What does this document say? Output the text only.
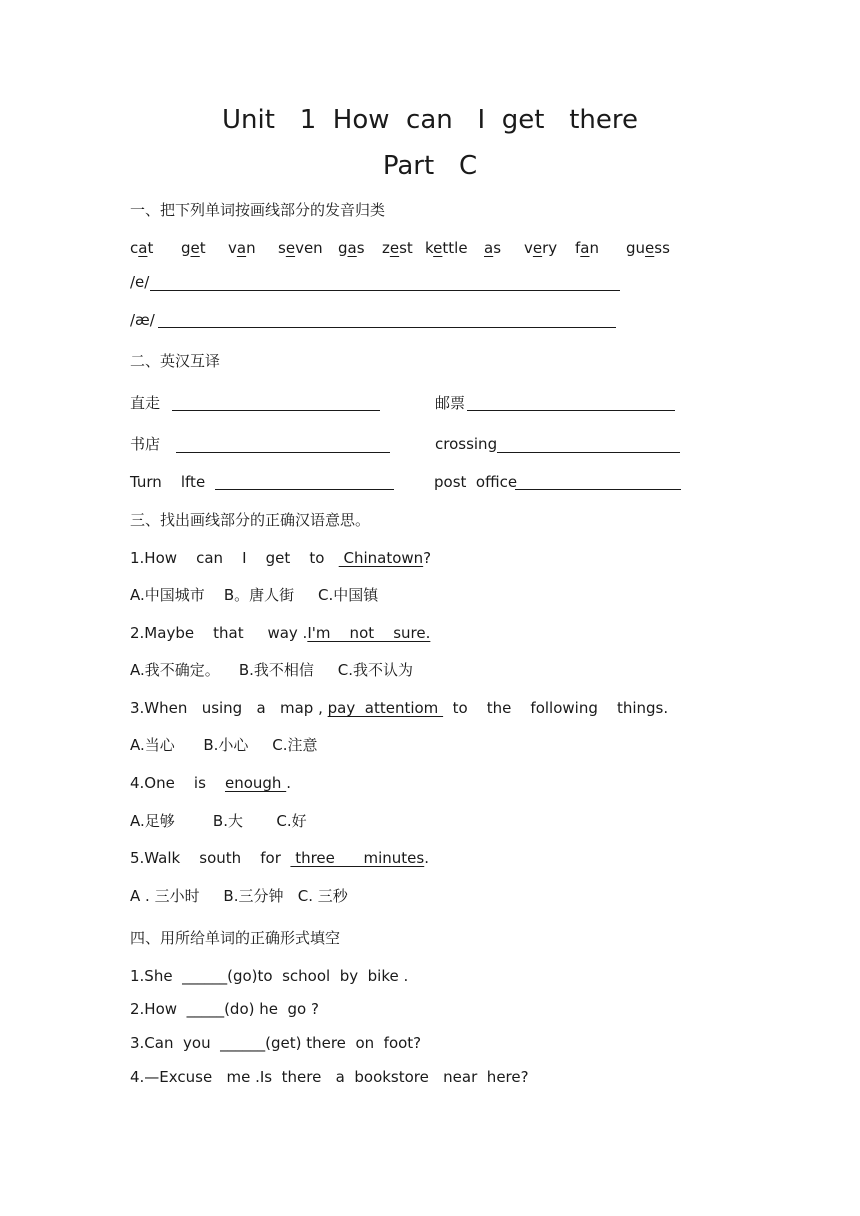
Unit   1  How  can   I  get   there
Part   C
一、把下列单词按画线部分的发音归类
cat get van seven gas zest kettle as very fan guess
/e/
/æ/
二、英汉互译
直走	邮票
书店	crossing
Turn    lfte	post  office
三、找出画线部分的正确汉语意思。
1.How    can    I    get    to    Chinatown?
A.中国城市    B。唐人街     C.中国镇
2.Maybe    that     way .I'm    not    sure.
A.我不确定。    B.我不相信     C.我不认为
3.When   using   a   map , pay  attentiom   to    the    following    things.
A.当心      B.小心     C.注意
4.One    is    enough .
A.足够        B.大       C.好
5.Walk    south    for   three      minutes.
A . 三小时     B.三分钟   C. 三秒
四、用所给单词的正确形式填空
1.She  ______(go)to  school  by  bike .
2.How  _____(do) he  go ?
3.Can  you  ______(get) there  on  foot?
4.—Excuse   me .Is  there   a  bookstore   near  here?
